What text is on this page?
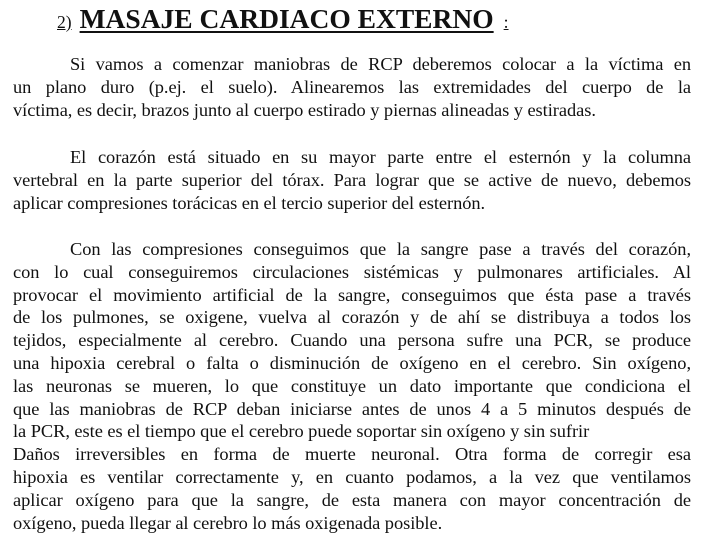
2) MASAJE CARDIACO EXTERNO :
Si vamos a comenzar maniobras de RCP deberemos colocar a la víctima en
un plano duro (p.ej. el suelo). Alinearemos las extremidades del cuerpo de la
víctima, es decir, brazos junto al cuerpo estirado y piernas alineadas y estiradas.
El corazón está situado en su mayor parte entre el esternón y la columna
vertebral en la parte superior del tórax. Para lograr que se active de nuevo, debemos
aplicar compresiones torácicas en el tercio superior del esternón.
Con las compresiones conseguimos que la sangre pase a través del corazón,
con lo cual conseguiremos circulaciones sistémicas y pulmonares artificiales. Al
provocar el movimiento artificial de la sangre, conseguimos que ésta pase a través
de los pulmones, se oxigene, vuelva al corazón y de ahí se distribuya a todos los
tejidos, especialmente al cerebro. Cuando una persona sufre una PCR, se produce
una hipoxia cerebral o falta o disminución de oxígeno en el cerebro. Sin oxígeno,
las neuronas se mueren, lo que constituye un dato importante que condiciona el
que las maniobras de RCP deban iniciarse antes de unos 4 a 5 minutos después de
la PCR, este es el tiempo que el cerebro puede soportar sin oxígeno y sin sufrir
Daños irreversibles en forma de muerte neuronal. Otra forma de corregir esa
hipoxia es ventilar correctamente y, en cuanto podamos, a la vez que ventilamos
aplicar oxígeno para que la sangre, de esta manera con mayor concentración de
oxígeno, pueda llegar al cerebro lo más oxigenada posible.
